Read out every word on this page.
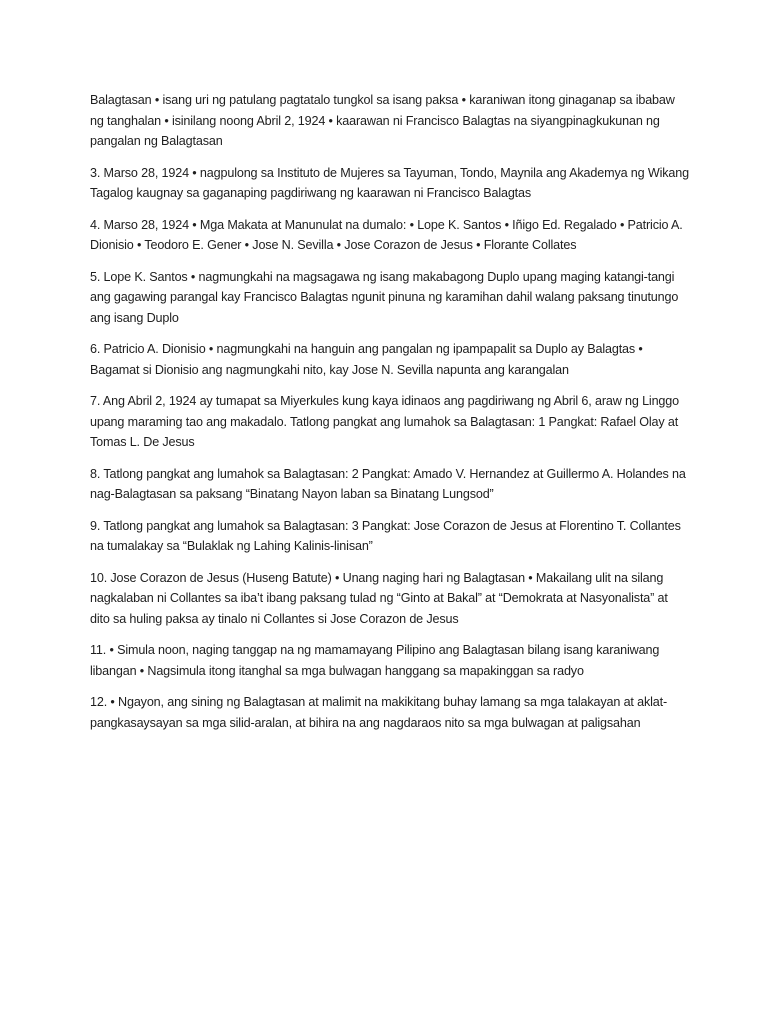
Balagtasan • isang uri ng patulang pagtatalo tungkol sa isang paksa • karaniwan itong ginaganap sa ibabaw ng tanghalan • isinilang noong Abril 2, 1924 • kaarawan ni Francisco Balagtas na siyangpinagkukunan ng pangalan ng Balagtasan

3. Marso 28, 1924 • nagpulong sa Instituto de Mujeres sa Tayuman, Tondo, Maynila ang Akademya ng Wikang Tagalog kaugnay sa gaganaping pagdiriwang ng kaarawan ni Francisco Balagtas

4. Marso 28, 1924 • Mga Makata at Manunulat na dumalo: • Lope K. Santos • Iñigo Ed. Regalado • Patricio A. Dionisio • Teodoro E. Gener • Jose N. Sevilla • Jose Corazon de Jesus • Florante Collates

5. Lope K. Santos • nagmungkahi na magsagawa ng isang makabagong Duplo upang maging katangi-tangi ang gagawing parangal kay Francisco Balagtas ngunit pinuna ng karamihan dahil walang paksang tinutungo ang isang Duplo

6. Patricio A. Dionisio • nagmungkahi na hanguin ang pangalan ng ipampapalit sa Duplo ay Balagtas • Bagamat si Dionisio ang nagmungkahi nito, kay Jose N. Sevilla napunta ang karangalan

7. Ang Abril 2, 1924 ay tumapat sa Miyerkules kung kaya idinaos ang pagdiriwang ng Abril 6, araw ng Linggo upang maraming tao ang makadalo. Tatlong pangkat ang lumahok sa Balagtasan: 1 Pangkat: Rafael Olay at Tomas L. De Jesus

8. Tatlong pangkat ang lumahok sa Balagtasan: 2 Pangkat: Amado V. Hernandez at Guillermo A. Holandes na nag-Balagtasan sa paksang “Binatang Nayon laban sa Binatang Lungsod”

9. Tatlong pangkat ang lumahok sa Balagtasan: 3 Pangkat: Jose Corazon de Jesus at Florentino T. Collantes na tumalakay sa “Bulaklak ng Lahing Kalinis-linisan”

10. Jose Corazon de Jesus (Huseng Batute) • Unang naging hari ng Balagtasan • Makailang ulit na silang nagkalaban ni Collantes sa iba’t ibang paksang tulad ng “Ginto at Bakal” at “Demokrata at Nasyonalista” at dito sa huling paksa ay tinalo ni Collantes si Jose Corazon de Jesus

11. • Simula noon, naging tanggap na ng mamamayang Pilipino ang Balagtasan bilang isang karaniwang libangan • Nagsimula itong itanghal sa mga bulwagan hanggang sa mapakinggan sa radyo

12. • Ngayon, ang sining ng Balagtasan at malimit na makikitang buhay lamang sa mga talakayan at aklat-pangkasaysayan sa mga silid-aralan, at bihira na ang nagdaraos nito sa mga bulwagan at paligsahan
